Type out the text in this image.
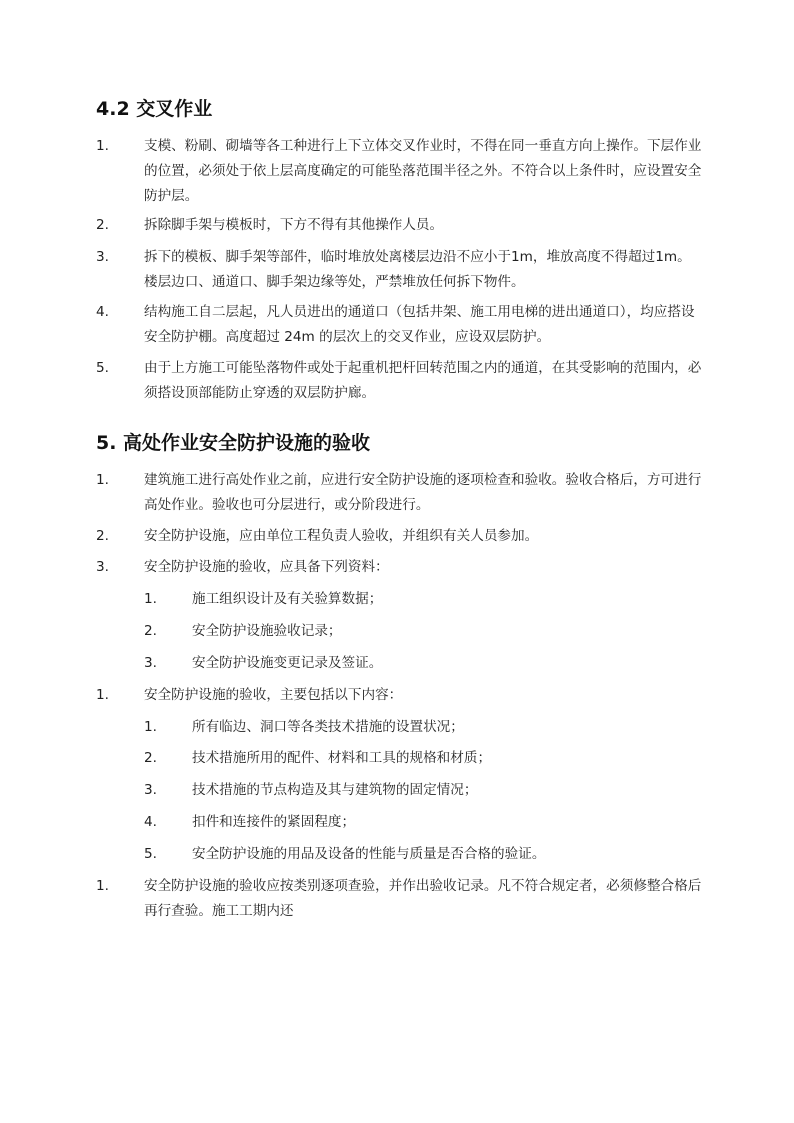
4.2 交叉作业
1.	支模、粉刷、砌墙等各工种进行上下立体交叉作业时，不得在同一垂直方向上操作。下层作业的位置，必须处于依上层高度确定的可能坠落范围半径之外。不符合以上条件时，应设置安全防护层。
2.	拆除脚手架与模板时，下方不得有其他操作人员。
3.	拆下的模板、脚手架等部件，临时堆放处离楼层边沿不应小于1m，堆放高度不得超过1m。楼层边口、通道口、脚手架边缘等处，严禁堆放任何拆下物件。
4.	结构施工自二层起，凡人员进出的通道口（包括井架、施工用电梯的进出通道口），均应搭设安全防护棚。高度超过 24m 的层次上的交叉作业，应设双层防护。
5.	由于上方施工可能坠落物件或处于起重机把杆回转范围之内的通道，在其受影响的范围内，必须搭设顶部能防止穿透的双层防护廊。
5. 高处作业安全防护设施的验收
1.	建筑施工进行高处作业之前，应进行安全防护设施的逐项检查和验收。验收合格后，方可进行高处作业。验收也可分层进行，或分阶段进行。
2.	安全防护设施，应由单位工程负责人验收，并组织有关人员参加。
3.	安全防护设施的验收，应具备下列资料：
1.	施工组织设计及有关验算数据；
2.	安全防护设施验收记录；
3.	安全防护设施变更记录及签证。
1.	安全防护设施的验收，主要包括以下内容：
1.	所有临边、洞口等各类技术措施的设置状况；
2.	技术措施所用的配件、材料和工具的规格和材质；
3.	技术措施的节点构造及其与建筑物的固定情况；
4.	扣件和连接件的紧固程度；
5.	安全防护设施的用品及设备的性能与质量是否合格的验证。
1.	安全防护设施的验收应按类别逐项查验，并作出验收记录。凡不符合规定者，必须修整合格后再行查验。施工工期内还
